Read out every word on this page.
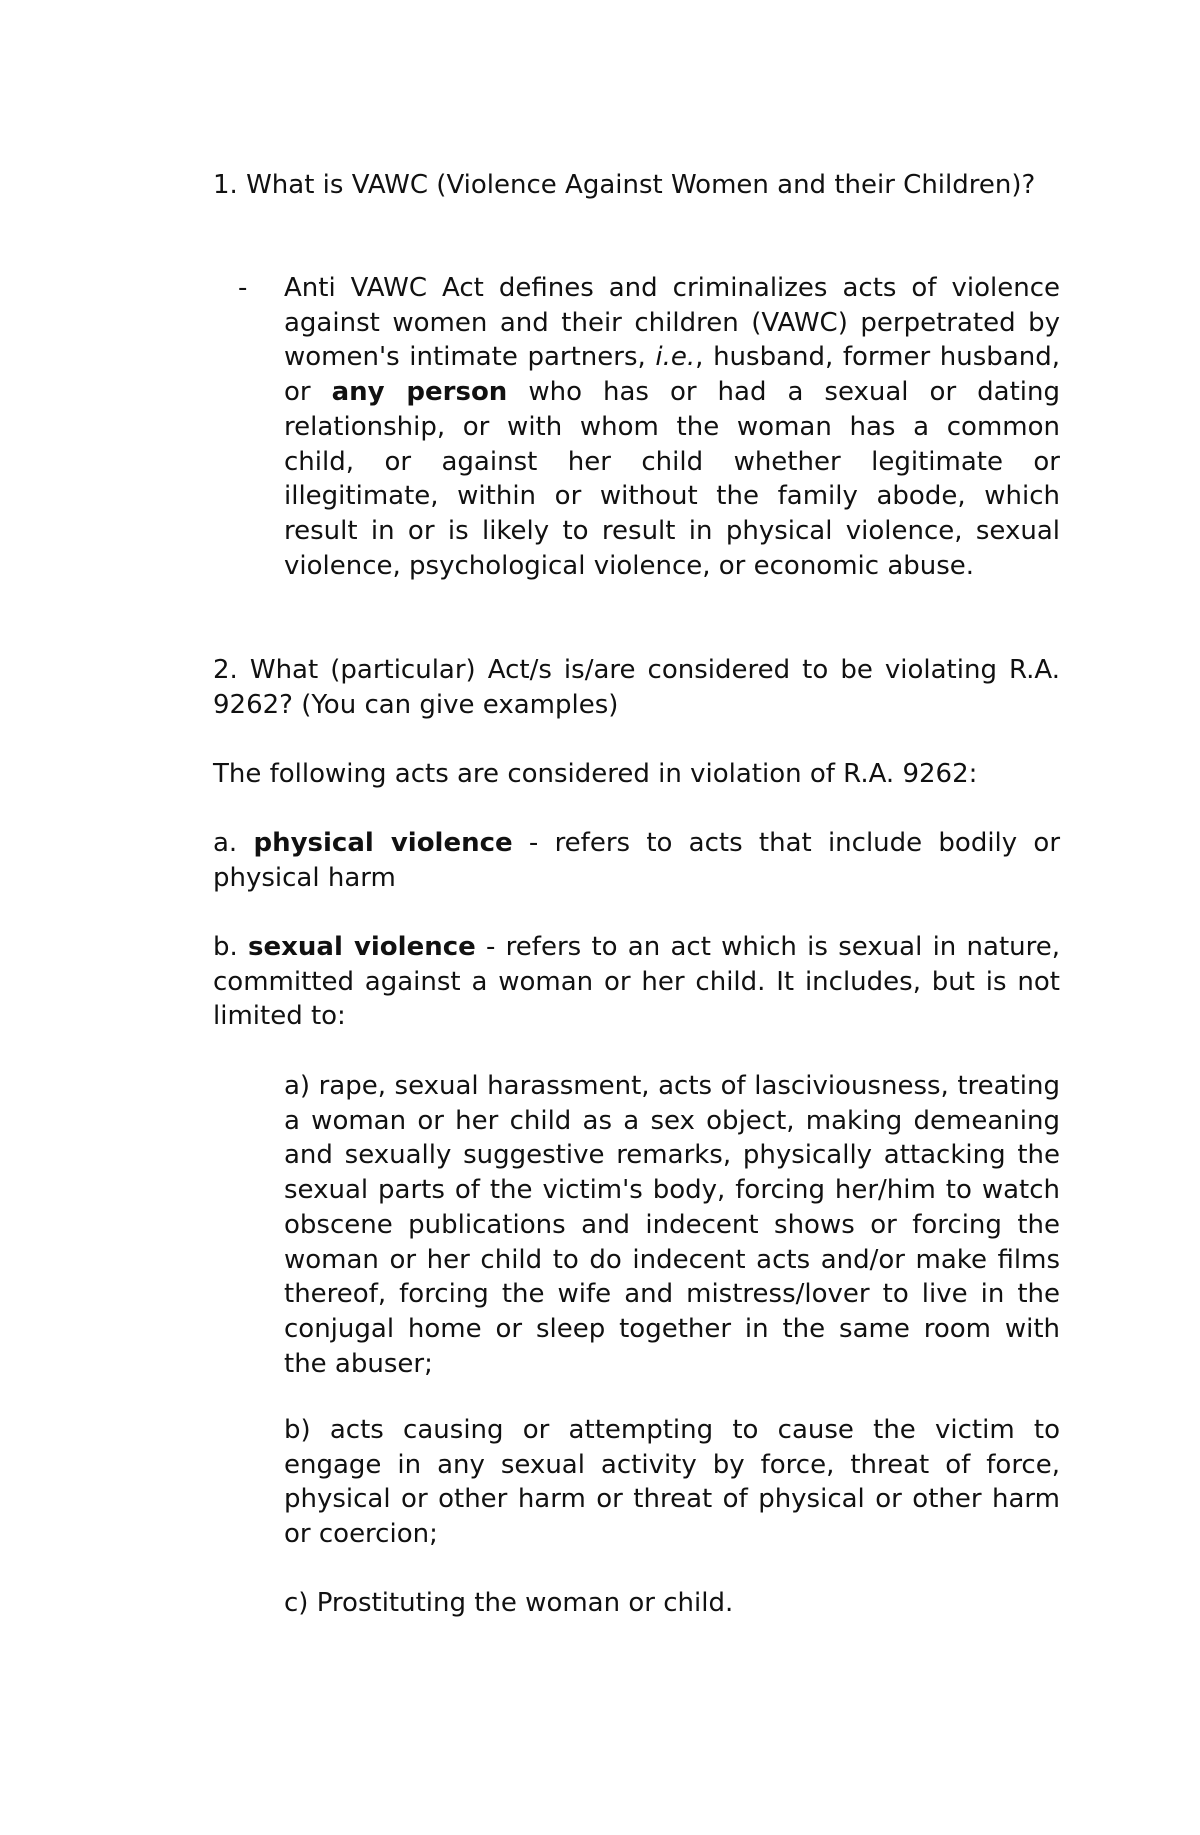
1. What is VAWC (Violence Against Women and their Children)?

- Anti VAWC Act defines and criminalizes acts of violence against women and their children (VAWC) perpetrated by women's intimate partners, i.e., husband, former husband, or any person who has or had a sexual or dating relationship, or with whom the woman has a common child, or against her child whether legitimate or illegitimate, within or without the family abode, which result in or is likely to result in physical violence, sexual violence, psychological violence, or economic abuse.

2. What (particular) Act/s is/are considered to be violating R.A. 9262? (You can give examples)

The following acts are considered in violation of R.A. 9262:

a. physical violence - refers to acts that include bodily or physical harm

b. sexual violence - refers to an act which is sexual in nature, committed against a woman or her child. It includes, but is not limited to:

a) rape, sexual harassment, acts of lasciviousness, treating a woman or her child as a sex object, making demeaning and sexually suggestive remarks, physically attacking the sexual parts of the victim's body, forcing her/him to watch obscene publications and indecent shows or forcing the woman or her child to do indecent acts and/or make films thereof, forcing the wife and mistress/lover to live in the conjugal home or sleep together in the same room with the abuser;

b) acts causing or attempting to cause the victim to engage in any sexual activity by force, threat of force, physical or other harm or threat of physical or other harm or coercion;

c) Prostituting the woman or child.
